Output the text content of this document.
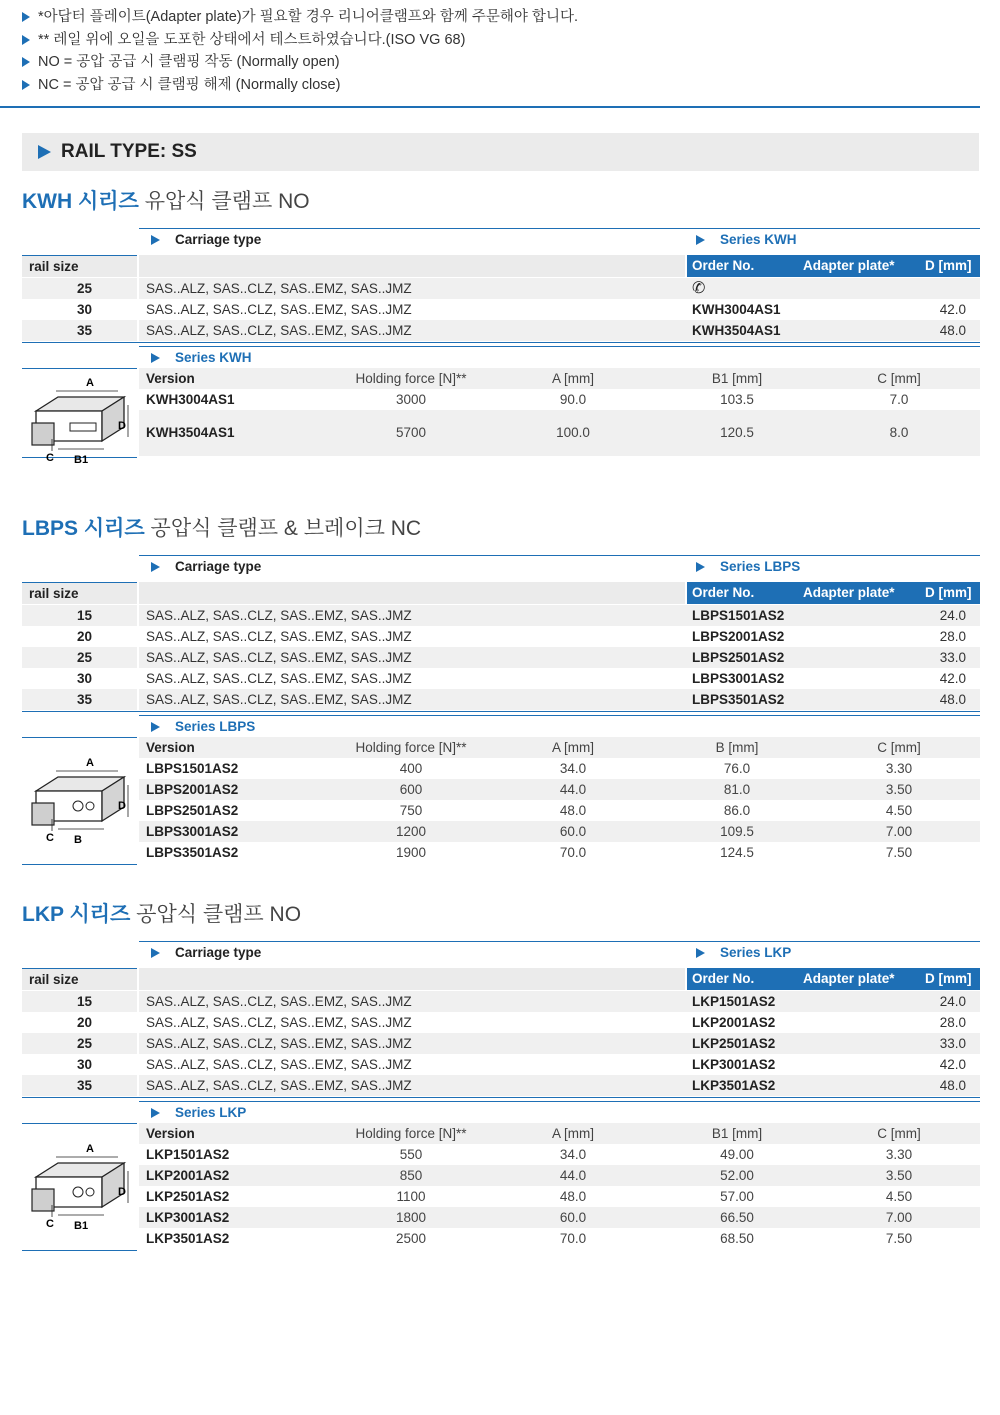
*아답터 플레이트(Adapter plate)가 필요할 경우 리니어클램프와 함께 주문해야 합니다.
** 레일 위에 오일을 도포한 상태에서 테스트하였습니다.(ISO VG 68)
NO = 공압 공급 시 클램핑 작동 (Normally open)
NC = 공압 공급 시 클램핑 해제 (Normally close)
RAIL TYPE: SS
KWH 시리즈 유압식 클램프 NO
Carriage type	Series KWH
rail size	Order No.	Adapter plate* D [mm]
25	SAS..ALZ, SAS..CLZ, SAS..EMZ, SAS..JMZ	✆
30	SAS..ALZ, SAS..CLZ, SAS..EMZ, SAS..JMZ	KWH3004AS1	42.0
35	SAS..ALZ, SAS..CLZ, SAS..EMZ, SAS..JMZ	KWH3504AS1	48.0
Series KWH
Version	Holding force [N]**	A [mm]	B1 [mm]	C [mm]
KWH3004AS1	3000	90.0	103.5	7.0
KWH3504AS1	5700	100.0	120.5	8.0
A
D
C B1
LBPS 시리즈 공압식 클램프 & 브레이크 NC
Carriage type	Series LBPS
rail size	Order No.	Adapter plate* D [mm]
15	SAS..ALZ, SAS..CLZ, SAS..EMZ, SAS..JMZ	LBPS1501AS2	24.0
20	SAS..ALZ, SAS..CLZ, SAS..EMZ, SAS..JMZ	LBPS2001AS2	28.0
25	SAS..ALZ, SAS..CLZ, SAS..EMZ, SAS..JMZ	LBPS2501AS2	33.0
30	SAS..ALZ, SAS..CLZ, SAS..EMZ, SAS..JMZ	LBPS3001AS2	42.0
35	SAS..ALZ, SAS..CLZ, SAS..EMZ, SAS..JMZ	LBPS3501AS2	48.0
Series LBPS
Version	Holding force [N]**	A [mm]	B [mm]	C [mm]
LBPS1501AS2	400	34.0	76.0	3.30
LBPS2001AS2	600	44.0	81.0	3.50
LBPS2501AS2	750	48.0	86.0	4.50
LBPS3001AS2	1200	60.0	109.5	7.00
LBPS3501AS2	1900	70.0	124.5	7.50
A
D
C B
LKP 시리즈 공압식 클램프 NO
Carriage type	Series LKP
rail size	Order No.	Adapter plate* D [mm]
15	SAS..ALZ, SAS..CLZ, SAS..EMZ, SAS..JMZ	LKP1501AS2	24.0
20	SAS..ALZ, SAS..CLZ, SAS..EMZ, SAS..JMZ	LKP2001AS2	28.0
25	SAS..ALZ, SAS..CLZ, SAS..EMZ, SAS..JMZ	LKP2501AS2	33.0
30	SAS..ALZ, SAS..CLZ, SAS..EMZ, SAS..JMZ	LKP3001AS2	42.0
35	SAS..ALZ, SAS..CLZ, SAS..EMZ, SAS..JMZ	LKP3501AS2	48.0
Series LKP
Version	Holding force [N]**	A [mm]	B1 [mm]	C [mm]
LKP1501AS2	550	34.0	49.00	3.30
LKP2001AS2	850	44.0	52.00	3.50
LKP2501AS2	1100	48.0	57.00	4.50
LKP3001AS2	1800	60.0	66.50	7.00
LKP3501AS2	2500	70.0	68.50	7.50
A
D
C B1
